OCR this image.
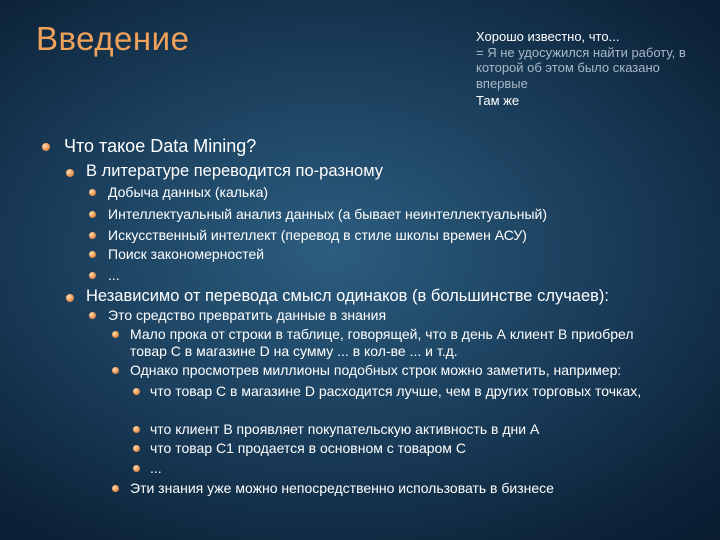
Введение	Хорошо известно, что...
= Я не удосужился найти работу, в которой об этом было сказано впервые
Там же
Что такое Data Mining?
В литературе переводится по-разному
Добыча данных (калька)
Интеллектуальный анализ данных (а бывает неинтеллектуальный)
Искусственный интеллект (перевод в стиле школы времен АСУ)
Поиск закономерностей
...
Независимо от перевода смысл одинаков (в большинстве случаев):
Это средство превратить данные в знания
Мало прока от строки в таблице, говорящей, что в день А клиент В приобрел товар С в магазине D на сумму ... в кол-ве ... и т.д.
Однако просмотрев миллионы подобных строк можно заметить, например:
что товар С в магазине D расходится лучше, чем в других торговых точках,
что клиент В проявляет покупательскую активность в дни А
что товар С1 продается в основном с товаром С
...
Эти знания уже можно непосредственно использовать в бизнесе
